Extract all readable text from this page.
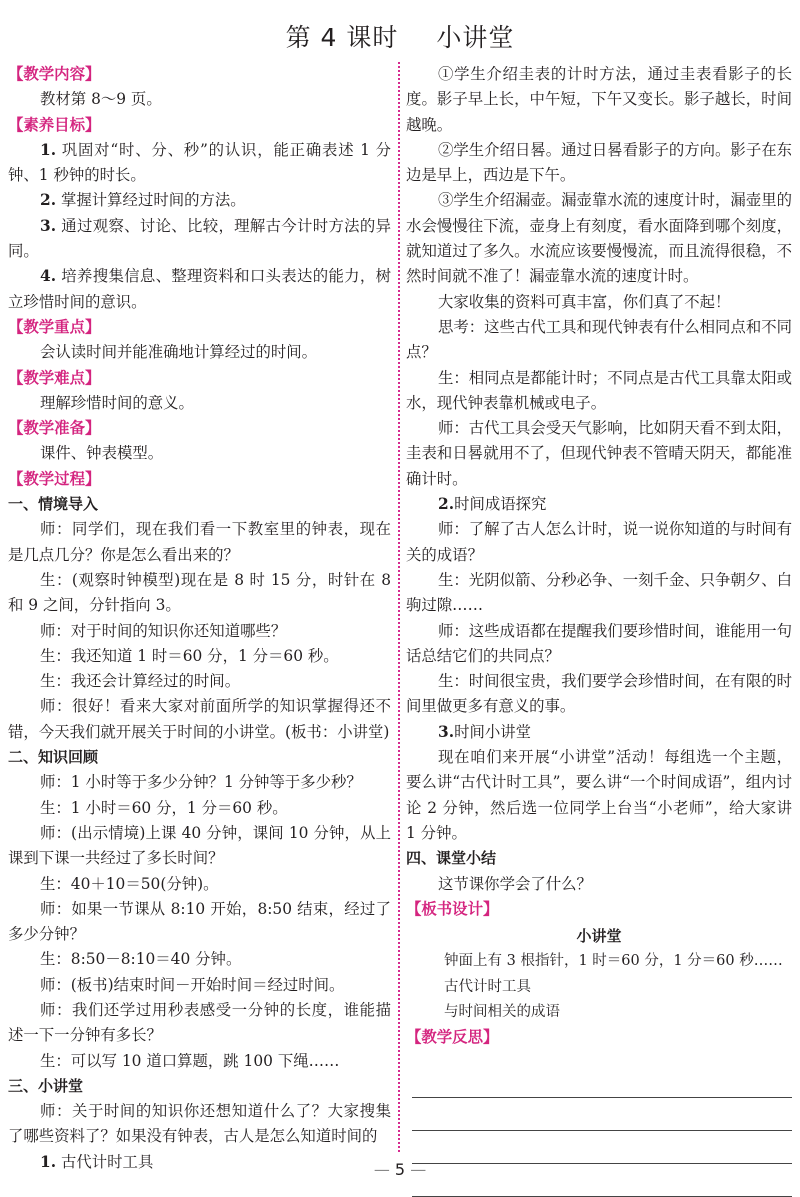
第 4 课时 小讲堂
【教学内容】

教材第 8～9 页。

【素养目标】

1. 巩固对“时、分、秒”的认识，能正确表述 1 分钟、1 秒钟的时长。

2. 掌握计算经过时间的方法。

3. 通过观察、讨论、比较，理解古今计时方法的异同。

4. 培养搜集信息、整理资料和口头表达的能力，树立珍惜时间的意识。

【教学重点】

会认读时间并能准确地计算经过的时间。

【教学难点】

理解珍惜时间的意义。

【教学准备】

课件、钟表模型。

【教学过程】
一、情境导入

师：同学们，现在我们看一下教室里的钟表，现在是几点几分？你是怎么看出来的？

生：(观察时钟模型)现在是 8 时 15 分，时针在 8 和 9 之间，分针指向 3。

师：对于时间的知识你还知道哪些？

生：我还知道 1 时＝60 分，1 分＝60 秒。

生：我还会计算经过的时间。

师：很好！看来大家对前面所学的知识掌握得还不错，今天我们就开展关于时间的小讲堂。(板书：小讲堂)

二、知识回顾

师：1 小时等于多少分钟？1 分钟等于多少秒？

生：1 小时＝60 分，1 分＝60 秒。

师：(出示情境)上课 40 分钟，课间 10 分钟，从上课到下课一共经过了多长时间？

生：40＋10＝50(分钟)。

师：如果一节课从 8:10 开始，8:50 结束，经过了多少分钟？

生：8:50－8:10＝40 分钟。

师：(板书)结束时间－开始时间＝经过时间。

师：我们还学过用秒表感受一分钟的长度，谁能描述一下一分钟有多长？

生：可以写 10 道口算题，跳 100 下绳……

三、小讲堂

师：关于时间的知识你还想知道什么了？大家搜集了哪些资料了？如果没有钟表，古人是怎么知道时间的

1. 古代计时工具

①学生介绍圭表的计时方法，通过圭表看影子的长度。影子早上长，中午短，下午又变长。影子越长，时间越晚。

②学生介绍日晷。通过日晷看影子的方向。影子在东边是早上，西边是下午。

③学生介绍漏壶。漏壶靠水流的速度计时，漏壶里的水会慢慢往下流，壶身上有刻度，看水面降到哪个刻度，就知道过了多久。水流应该要慢慢流，而且流得很稳，不然时间就不准了！漏壶靠水流的速度计时。

大家收集的资料可真丰富，你们真了不起！

思考：这些古代工具和现代钟表有什么相同点和不同点？

生：相同点是都能计时；不同点是古代工具靠太阳或水，现代钟表靠机械或电子。

师：古代工具会受天气影响，比如阴天看不到太阳，圭表和日晷就用不了，但现代钟表不管晴天阴天，都能准确计时。

2.时间成语探究

师：了解了古人怎么计时，说一说你知道的与时间有关的成语？

生：光阴似箭、分秒必争、一刻千金、只争朝夕、白驹过隙……

师：这些成语都在提醒我们要珍惜时间，谁能用一句话总结它们的共同点？

生：时间很宝贵，我们要学会珍惜时间，在有限的时间里做更多有意义的事。

3.时间小讲堂

现在咱们来开展“小讲堂”活动！每组选一个主题，要么讲“古代计时工具”，要么讲“一个时间成语”，组内讨论 2 分钟，然后选一位同学上台当“小老师”，给大家讲 1 分钟。

四、课堂小结

这节课你学会了什么？

【板书设计】
小讲堂
钟面上有 3 根指针，1 时＝60 分，1 分＝60 秒……
古代计时工具
与时间相关的成语
【教学反思】
— 5 —
